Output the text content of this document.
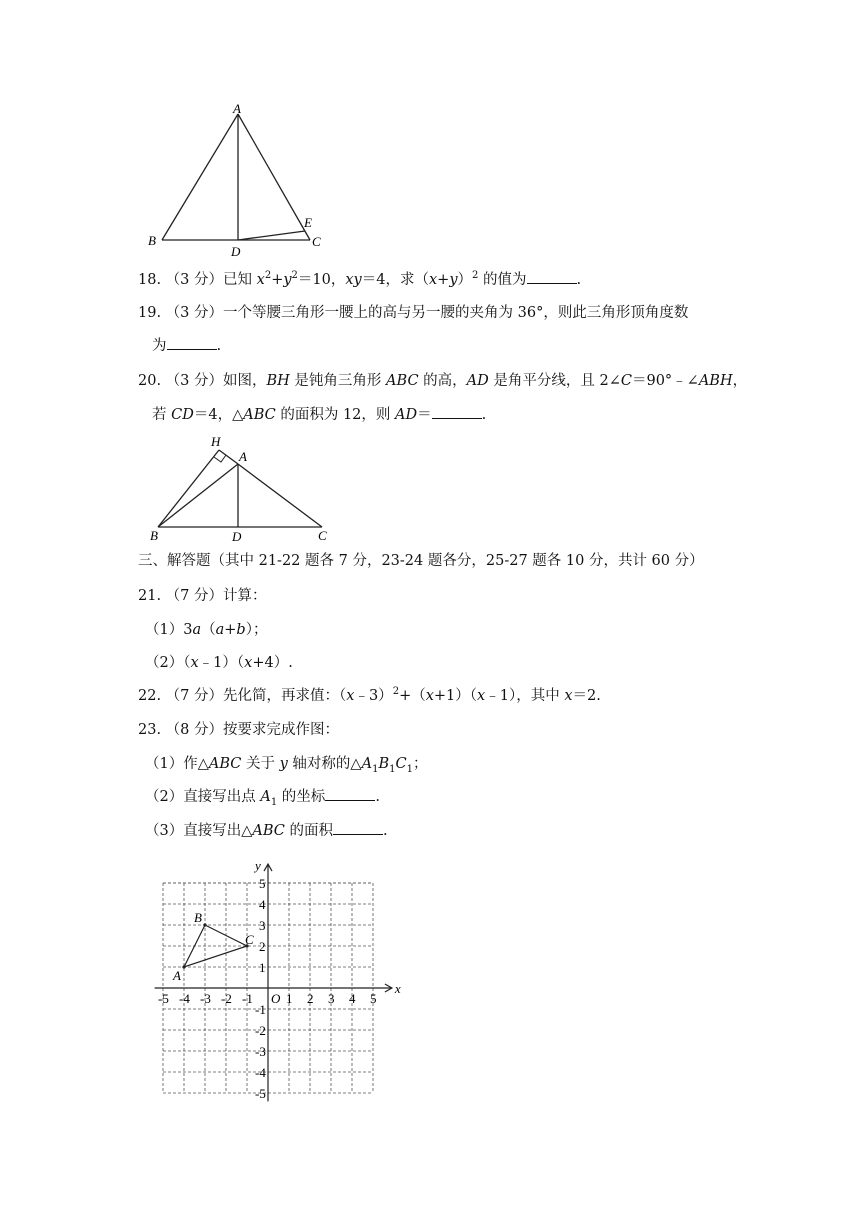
A
B	C
D
E
18. （3 分）已知 $x^2+y^2=10$，xy＝4，求$(x+y)^2$ 的值为	.
19. （3 分）一个等腰三角形一腰上的高与另一腰的夹角为 36°，则此三角形顶角度数
为	.
20. （3 分）如图，BH 是钝角三角形 ABC 的高，AD 是角平分线，且 2∠C＝90°﹣∠ABH，
若 CD＝4，△ABC 的面积为 12，则 AD＝	.
H
A
B	D	C
三、解答题（其中 21-22 题各 7 分，23-24 题各分，25-27 题各 10 分，共计 60 分）
21. （7 分）计算：
（1）3a（a+b）；
（2）（x﹣1）（x+4）.
22. （7 分）先化简，再求值：（x﹣3）$^2$+（x+1）（x﹣1），其中 x＝2.
23. （8 分）按要求完成作图：
（1）作△ABC 关于 y 轴对称的$\triangle A_1B_1C_1$；
（2）直接写出点 $A_1$ 的坐标	.
（3）直接写出△ABC 的面积	.
x
y
O
-5 -4 -3 -2 -1	1 2 3 4 5
5
4
3
2
1
-1
-2
-3
-4
-5
A
B
C
